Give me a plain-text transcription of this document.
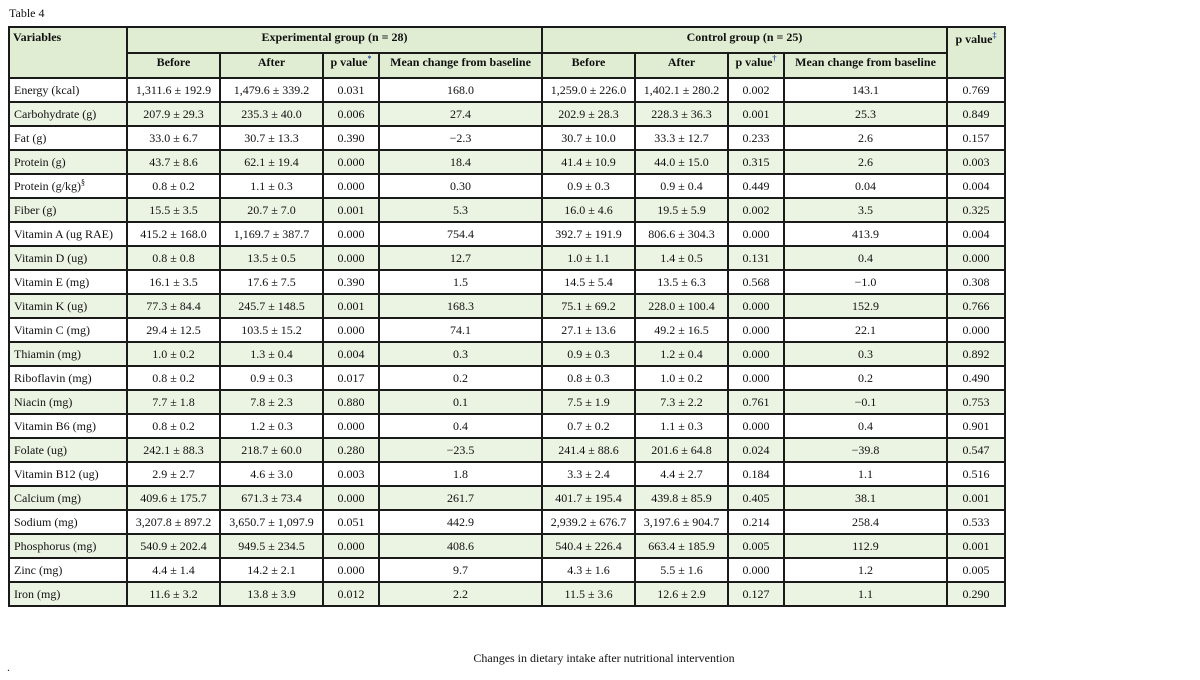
Table 4
Variables	Experimental group (n = 28)				Control group (n = 25)				p value‡
	Before	After	p value*	Mean change from baseline	Before	After	p value†	Mean change from baseline	
Energy (kcal)	1,311.6 ± 192.9	1,479.6 ± 339.2	0.031	168.0	1,259.0 ± 226.0	1,402.1 ± 280.2	0.002	143.1	0.769
Carbohydrate (g)	207.9 ± 29.3	235.3 ± 40.0	0.006	27.4	202.9 ± 28.3	228.3 ± 36.3	0.001	25.3	0.849
Fat (g)	33.0 ± 6.7	30.7 ± 13.3	0.390	−2.3	30.7 ± 10.0	33.3 ± 12.7	0.233	2.6	0.157
Protein (g)	43.7 ± 8.6	62.1 ± 19.4	0.000	18.4	41.4 ± 10.9	44.0 ± 15.0	0.315	2.6	0.003
Protein (g/kg)§	0.8 ± 0.2	1.1 ± 0.3	0.000	0.30	0.9 ± 0.3	0.9 ± 0.4	0.449	0.04	0.004
Fiber (g)	15.5 ± 3.5	20.7 ± 7.0	0.001	5.3	16.0 ± 4.6	19.5 ± 5.9	0.002	3.5	0.325
Vitamin A (ug RAE)	415.2 ± 168.0	1,169.7 ± 387.7	0.000	754.4	392.7 ± 191.9	806.6 ± 304.3	0.000	413.9	0.004
Vitamin D (ug)	0.8 ± 0.8	13.5 ± 0.5	0.000	12.7	1.0 ± 1.1	1.4 ± 0.5	0.131	0.4	0.000
Vitamin E (mg)	16.1 ± 3.5	17.6 ± 7.5	0.390	1.5	14.5 ± 5.4	13.5 ± 6.3	0.568	−1.0	0.308
Vitamin K (ug)	77.3 ± 84.4	245.7 ± 148.5	0.001	168.3	75.1 ± 69.2	228.0 ± 100.4	0.000	152.9	0.766
Vitamin C (mg)	29.4 ± 12.5	103.5 ± 15.2	0.000	74.1	27.1 ± 13.6	49.2 ± 16.5	0.000	22.1	0.000
Thiamin (mg)	1.0 ± 0.2	1.3 ± 0.4	0.004	0.3	0.9 ± 0.3	1.2 ± 0.4	0.000	0.3	0.892
Riboflavin (mg)	0.8 ± 0.2	0.9 ± 0.3	0.017	0.2	0.8 ± 0.3	1.0 ± 0.2	0.000	0.2	0.490
Niacin (mg)	7.7 ± 1.8	7.8 ± 2.3	0.880	0.1	7.5 ± 1.9	7.3 ± 2.2	0.761	−0.1	0.753
Vitamin B6 (mg)	0.8 ± 0.2	1.2 ± 0.3	0.000	0.4	0.7 ± 0.2	1.1 ± 0.3	0.000	0.4	0.901
Folate (ug)	242.1 ± 88.3	218.7 ± 60.0	0.280	−23.5	241.4 ± 88.6	201.6 ± 64.8	0.024	−39.8	0.547
Vitamin B12 (ug)	2.9 ± 2.7	4.6 ± 3.0	0.003	1.8	3.3 ± 2.4	4.4 ± 2.7	0.184	1.1	0.516
Calcium (mg)	409.6 ± 175.7	671.3 ± 73.4	0.000	261.7	401.7 ± 195.4	439.8 ± 85.9	0.405	38.1	0.001
Sodium (mg)	3,207.8 ± 897.2	3,650.7 ± 1,097.9	0.051	442.9	2,939.2 ± 676.7	3,197.6 ± 904.7	0.214	258.4	0.533
Phosphorus (mg)	540.9 ± 202.4	949.5 ± 234.5	0.000	408.6	540.4 ± 226.4	663.4 ± 185.9	0.005	112.9	0.001
Zinc (mg)	4.4 ± 1.4	14.2 ± 2.1	0.000	9.7	4.3 ± 1.6	5.5 ± 1.6	0.000	1.2	0.005
Iron (mg)	11.6 ± 3.2	13.8 ± 3.9	0.012	2.2	11.5 ± 3.6	12.6 ± 2.9	0.127	1.1	0.290
Changes in dietary intake after nutritional intervention
.
